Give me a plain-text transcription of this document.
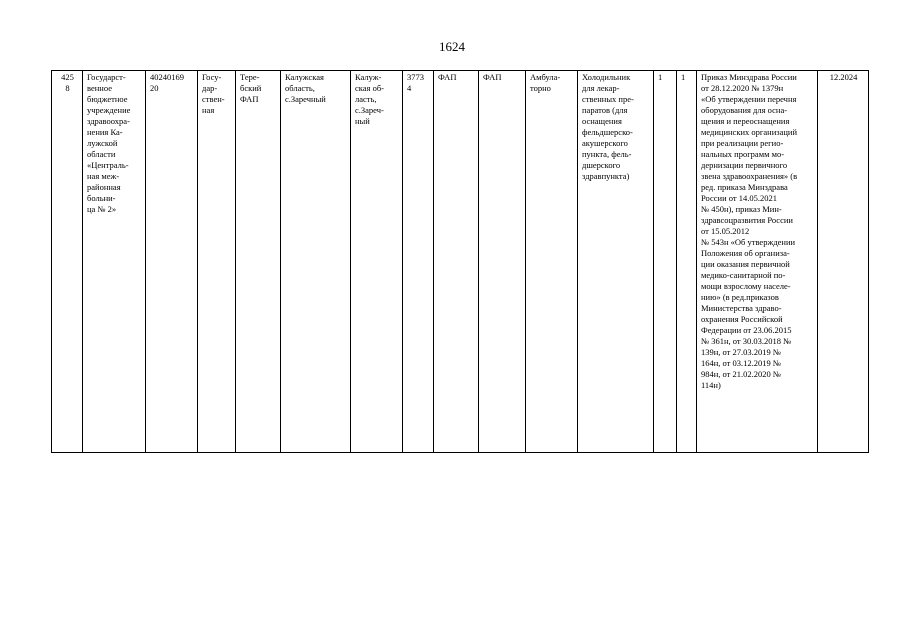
1624
425
8	Государст-
венное
бюджетное
учреждение
здравоохра-
нения Ка-
лужской
области
«Централь-
ная меж-
районная
больни-
ца № 2»	40240169
20	Госу-
дар-
ствен-
ная	Тере-
бский
ФАП	Калужская
область,
с.Заречный	Калуж-
ская об-
ласть,
с.Зареч-
ный	3773
4	ФАП	ФАП	Амбула-
торно	Холодильник
для лекар-
ственных пре-
паратов (для
оснащения
фельдшерско-
акушерского
пункта, фель-
дшерского
здравпункта)	1	1	Приказ Минздрава России
от 28.12.2020 № 1379н
«Об утверждении перечня
оборудования для осна-
щения и переоснащения
медицинских организаций
при реализации регио-
нальных программ мо-
дернизации первичного
звена здравоохранения» (в
ред. приказа Минздрава
России от 14.05.2021
№ 450н), приказ Мин-
здравсоцразвития России
от 15.05.2012
№ 543н «Об утверждении
Положения об организа-
ции оказания первичной
медико-санитарной по-
мощи взрослому населе-
нию» (в ред.приказов
Министерства здраво-
охранения Российской
Федерации от 23.06.2015
№ 361н, от 30.03.2018 №
139н, от 27.03.2019 №
164н, от 03.12.2019 №
984н, от 21.02.2020 №
114н)	12.2024
